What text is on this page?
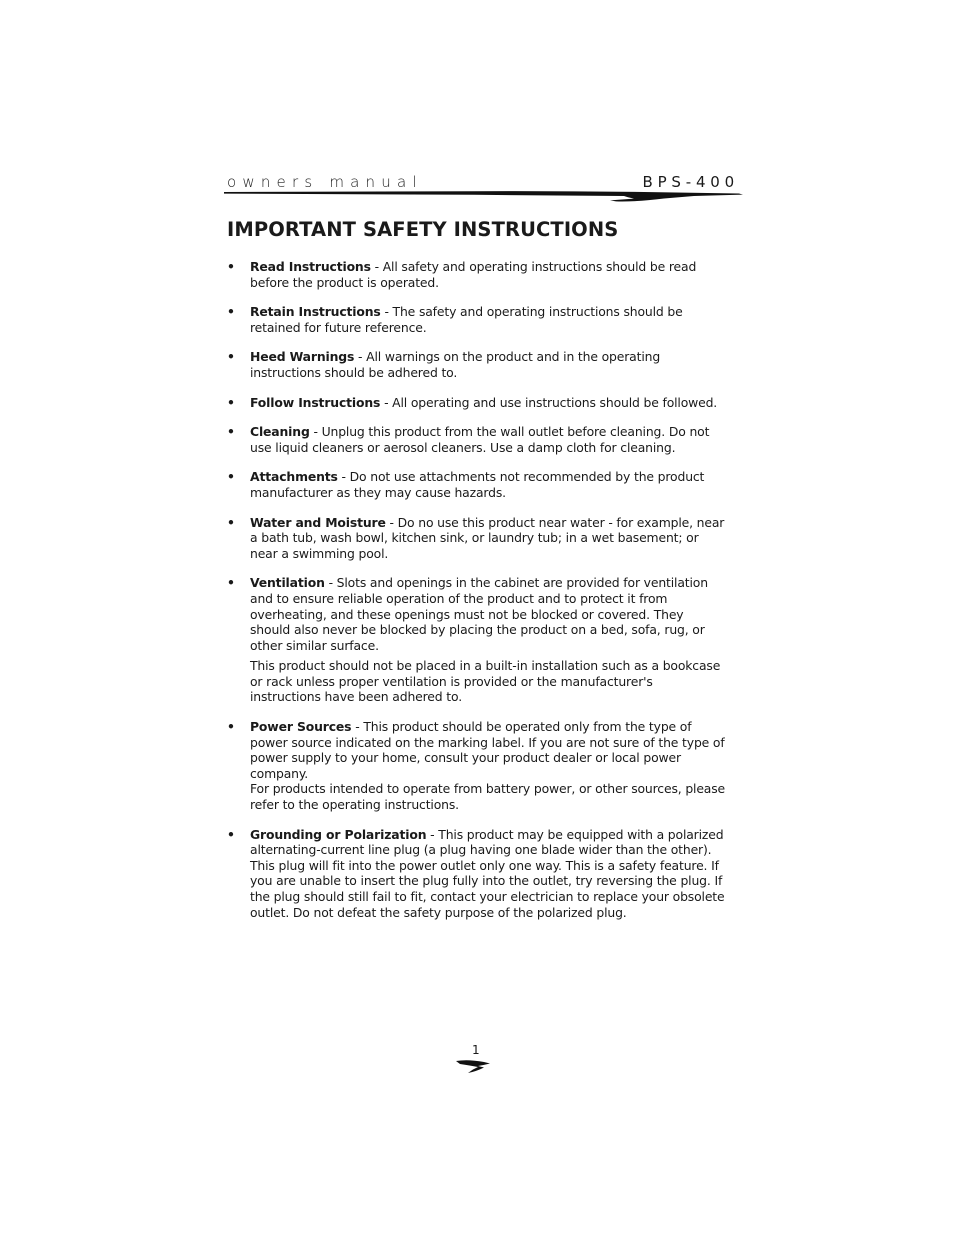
owners manual	BPS-400
IMPORTANT SAFETY INSTRUCTIONS
• Read Instructions - All safety and operating instructions should be read before the product is operated.
• Retain Instructions - The safety and operating instructions should be retained for future reference.
• Heed Warnings - All warnings on the product and in the operating instructions should be adhered to.
• Follow Instructions - All operating and use instructions should be followed.
• Cleaning - Unplug this product from the wall outlet before cleaning. Do not use liquid cleaners or aerosol cleaners. Use a damp cloth for cleaning.
• Attachments - Do not use attachments not recommended by the product manufacturer as they may cause hazards.
• Water and Moisture - Do no use this product near water - for example, near a bath tub, wash bowl, kitchen sink, or laundry tub; in a wet basement; or near a swimming pool.
• Ventilation - Slots and openings in the cabinet are provided for ventilation and to ensure reliable operation of the product and to protect it from overheating, and these openings must not be blocked or covered. They should also never be blocked by placing the product on a bed, sofa, rug, or other similar surface.
This product should not be placed in a built-in installation such as a bookcase or rack unless proper ventilation is provided or the manufacturer's instructions have been adhered to.
• Power Sources - This product should be operated only from the type of power source indicated on the marking label. If you are not sure of the type of power supply to your home, consult your product dealer or local power company.
For products intended to operate from battery power, or other sources, please refer to the operating instructions.
• Grounding or Polarization - This product may be equipped with a polarized alternating-current line plug (a plug having one blade wider than the other). This plug will fit into the power outlet only one way. This is a safety feature. If you are unable to insert the plug fully into the outlet, try reversing the plug. If the plug should still fail to fit, contact your electrician to replace your obsolete outlet. Do not defeat the safety purpose of the polarized plug.
1
